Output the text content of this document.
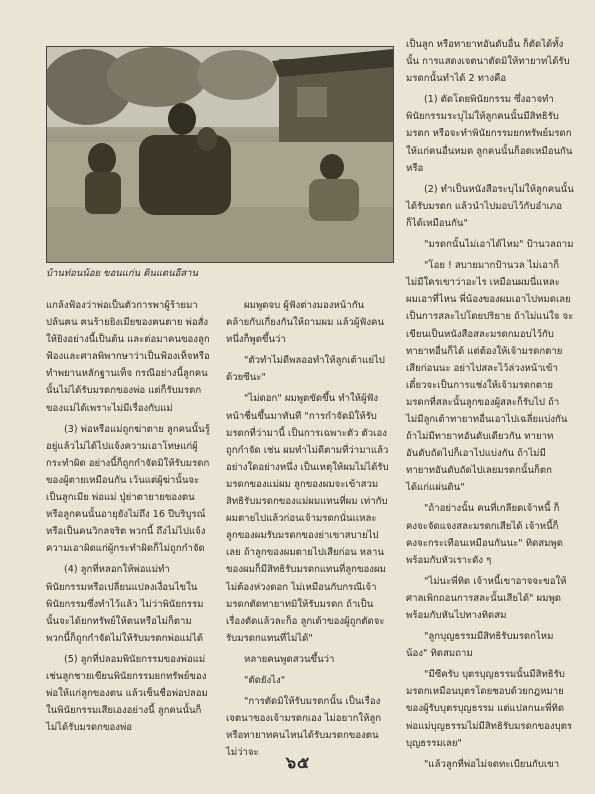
บ้านท่อนน้อย ขอนแก่น ดินแดนอีสาน

แกล้งฟ้องว่าพ่อเป็นตัวการพาผู้ร้ายมาปล้นฅน ฅนร้ายยิงเมียของฅนตาย พ่อสั่งให้ยิงอย่างนี้เป็นต้น และต่อมาคนของลูกฟ้องและศาลพิพากษาว่าเป็นฟ้องเท็จหรือทำพยานหลักฐานเท็จ กรณีอย่างนี้ลูกคนนั้นไม่ได้รับมรดกของพ่อ แต่ก็รับมรดกของแม่ได้เพราะไม่มีเรื่องกับแม่

(3) พ่อหรือแม่ถูกฆ่าตาย ลูกคนนั้นรู้อยู่แล้วไม่ได้ไปแจ้งความเอาโทษแก่ผู้กระทำผิด อย่างนี้ก็ถูกกำจัดมิให้รับมรดกของผู้ตายเหมือนกัน เว้นแต่ผู้ฆ่านั้นจะเป็นลูกเมีย พ่อแม่ ปู่ย่าตายายของตน หรือลูกคนนั้นอายุยังไม่ถึง 16 ปีบริบูรณ์ หรือเป็นคนวิกลจริต พวกนี้ ถึงไม่ไปแจ้งความเอาผิดแก่ผู้กระทำผิดก็ไม่ถูกกำจัด

(4) ลูกที่หลอกให้พ่อแม่ทำพินัยกรรมหรือเปลี่ยนแปลงเงื่อนไขในพินัยกรรมซึ่งทำไว้แล้ว ไม่ว่าพินัยกรรมนั้นจะได้ยกทรัพย์ให้ตนหรือไม่ก็ตาม พวกนี้ก็ถูกกำจัดไม่ให้รับมรดกพ่อแม่ได้

(5) ลูกที่ปลอมพินัยกรรมของพ่อแม่ เช่นลูกชายเขียนพินัยกรรมยกทรัพย์ของพ่อให้แก่ลูกของตน แล้วเซ็นชื่อพ่อปลอม ในพินัยกรรมเสียเองอย่างนี้ ลูกคนนั้นก็ไม่ได้รับมรดกของพ่อ

ผมพูดจบ ผู้ฟังต่างมองหน้ากัน คล้ายกับเกี่ยงกันให้ถามผม แล้วผู้ฟังคนหนึ่งก็พูดขึ้นว่า

"ตัวทำไม่ดีพลออทำให้ลูกเต้าแย่ไปด้วยซีนะ"

"ไม่ดอก" ผมพูดขัดขึ้น ทำให้ผู้ฟังหน้าชื่นขึ้นมาทันที "การกำจัดมิให้รับมรดกที่ว่ามานี้ เป็นการเฉพาะตัว ตัวเองถูกกำจัด เช่น ผมทำไม่ดีตามที่ว่ามาแล้วอย่างใดอย่างหนึ่ง เป็นเหตุให้ผมไม่ได้รับมรดกของแม่ผม ลูกของผมจะเข้าสวมสิทธิรับมรดกของแม่ผมแทนที่ผม เท่ากับผมตายไปแล้วก่อนเจ้ามรดกนั่นเเหละ ลูกของผมรับมรดกของย่าเขาสบายไปเลย ถ้าลูกของผมตายไปเสียก่อน หลานของผมก็มีสิทธิรับมรดกแทนที่ลูกของผม ไม่ต้องห่วงดอก ไม่เหมือนกับกรณีเจ้ามรดกตัดทายาทมิให้รับมรดก ถ้าเป็นเรื่องตัดแล้วละก็อ ลูกเต้าของผู้ถูกตัดจะรับมรดกแทนที่ไม่ได้"

หลายคนพูดสวนขึ้นว่า

"ตัดยังไง"

"การตัดมิให้รับมรดกนั้น เป็นเรื่องเจตนาของเจ้ามรดกเอง ไม่อยากให้ลูกหรือทายาทคนไหนได้รับมรดกของตน ไม่ว่าจะ

เป็นลูก หรือทายาทอันดับอื่น ก็ตัดได้ทั้งนั้น การแสดงเจตนาตัดมิให้ทายาทได้รับมรดกนั้นทำได้ 2 ทางคือ

(1) ตัดโดยพินัยกรรม ซึ่งอาจทำพินัยกรรมระบุไม่ให้ลูกคนนั้นมีสิทธิรับมรดก หรือจะทำพินัยกรรมยกทรัพย์มรดกให้แก่คนอื่นหมด ลูกคนนั้นก็อดเหมือนกัน หรือ

(2) ทำเป็นหนังสือระบุไม่ให้ลูกคนนั้นได้รับมรดก แล้วนำไปมอบไว้กับอำเภอ ก็ได้เหมือนกัน"

"มรดกนั้นไม่เอาได้ไหม" ป้านวลถาม

"โอย ! สบายมากป้านวล ไม่เอาก็ไม่มีใครเขาว่าอะไร เหมือนผมนี่แหละ ผมเอาที่ไหน พี่น้องของผมเอาไปหมดเลย เป็นการสละไปโดยปริยาย ถ้าไม่แน่ใจ จะเขียนเป็นหนังสือสละมรดกมอบไว้กับทายาทอื่นก็ได้ แต่ต้องให้เจ้ามรดกตายเสียก่อนนะ อย่าไปสละไว้ล่วงหน้าเข้า เดี๋ยวจะเป็นการแช่งให้เจ้ามรดกตาย มรดกที่สละนั้นลูกของผู้สละก็รับไป ถ้าไม่มีลูกเต้าทายาทอื่นเอาไปเฉลี่ยแบ่งกัน ถ้าไม่มีทายาทอันดับเดียวกัน ทายาทอันดับถัดไปก็เอาไปแบ่งกัน ถ้าไม่มีทายาทอันดับถัดไปเลยมรดกนั้นก็ตกได้แก่แผ่นดิน"

"ถ้าอย่างนั้น คนที่เกลียดเจ้าหนี้ ก็คงจะจัดแจงสละมรดกเสียได้ เจ้าหนี้ก็คงจะกระเทือนเหมือนกันนะ" ทิดสมพูดพร้อมกับหัวเราะดัง ๆ

"ไม่นะพี่ทิด เจ้าหนี้เขาอาจจะขอให้ศาลเพิกถอนการสละนั้นเสียได้" ผมพูดพร้อมกับหันไปทางทิดสม

"ลูกบุญธรรมมีสิทธิรับมรดกไหมน้อง" ทิดสมถาม

"มีซีครับ บุตรบุญธรรมนั้นมีสิทธิรับมรดกเหมือนบุตรโดยชอบด้วยกฎหมายของผู้รับบุตรบุญธรรม แต่แปลกนะพี่ทิด พ่อแม่บุญธรรมไม่มีสิทธิรับมรดกของบุตรบุญธรรมเลย"

"แล้วลูกที่พ่อไม่จดทะเบียนกับเขา

๖๕
